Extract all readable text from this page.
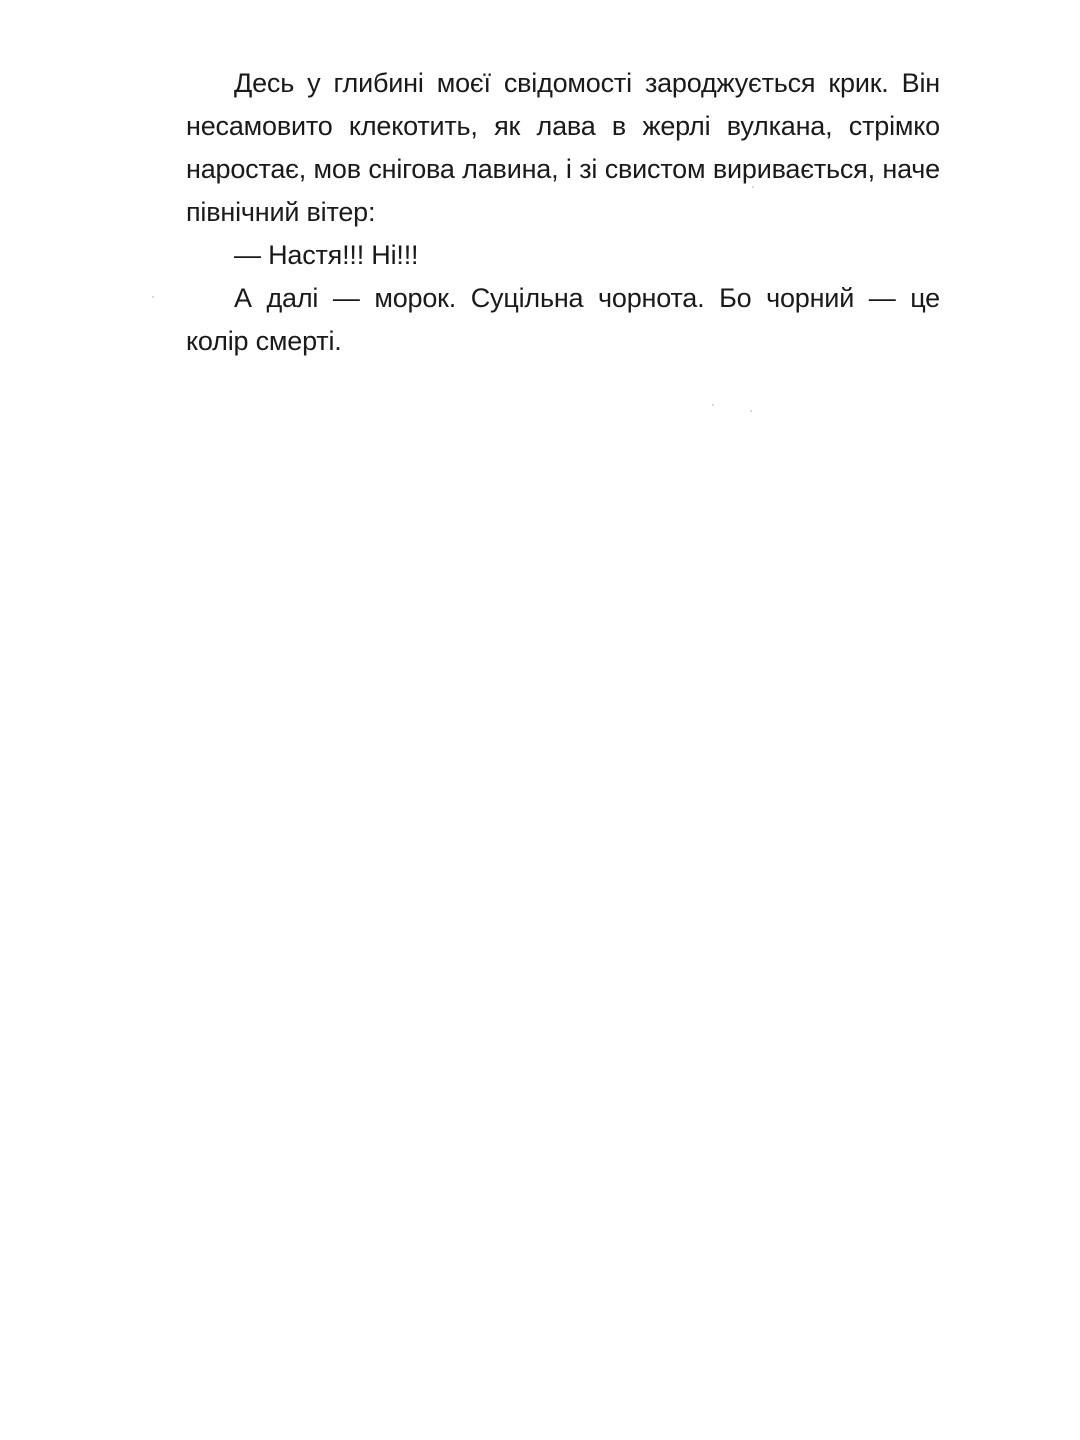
Десь у глибині моєї свідомості зароджується крик. Він несамовито клекотить, як лава в жерлі вулкана, стрімко наростає, мов снігова лавина, і зі свистом виривається, наче північний вітер:

— Настя!!! Ні!!!

А далі — морок. Суцільна чорнота. Бо чорний — це колір смерті.
